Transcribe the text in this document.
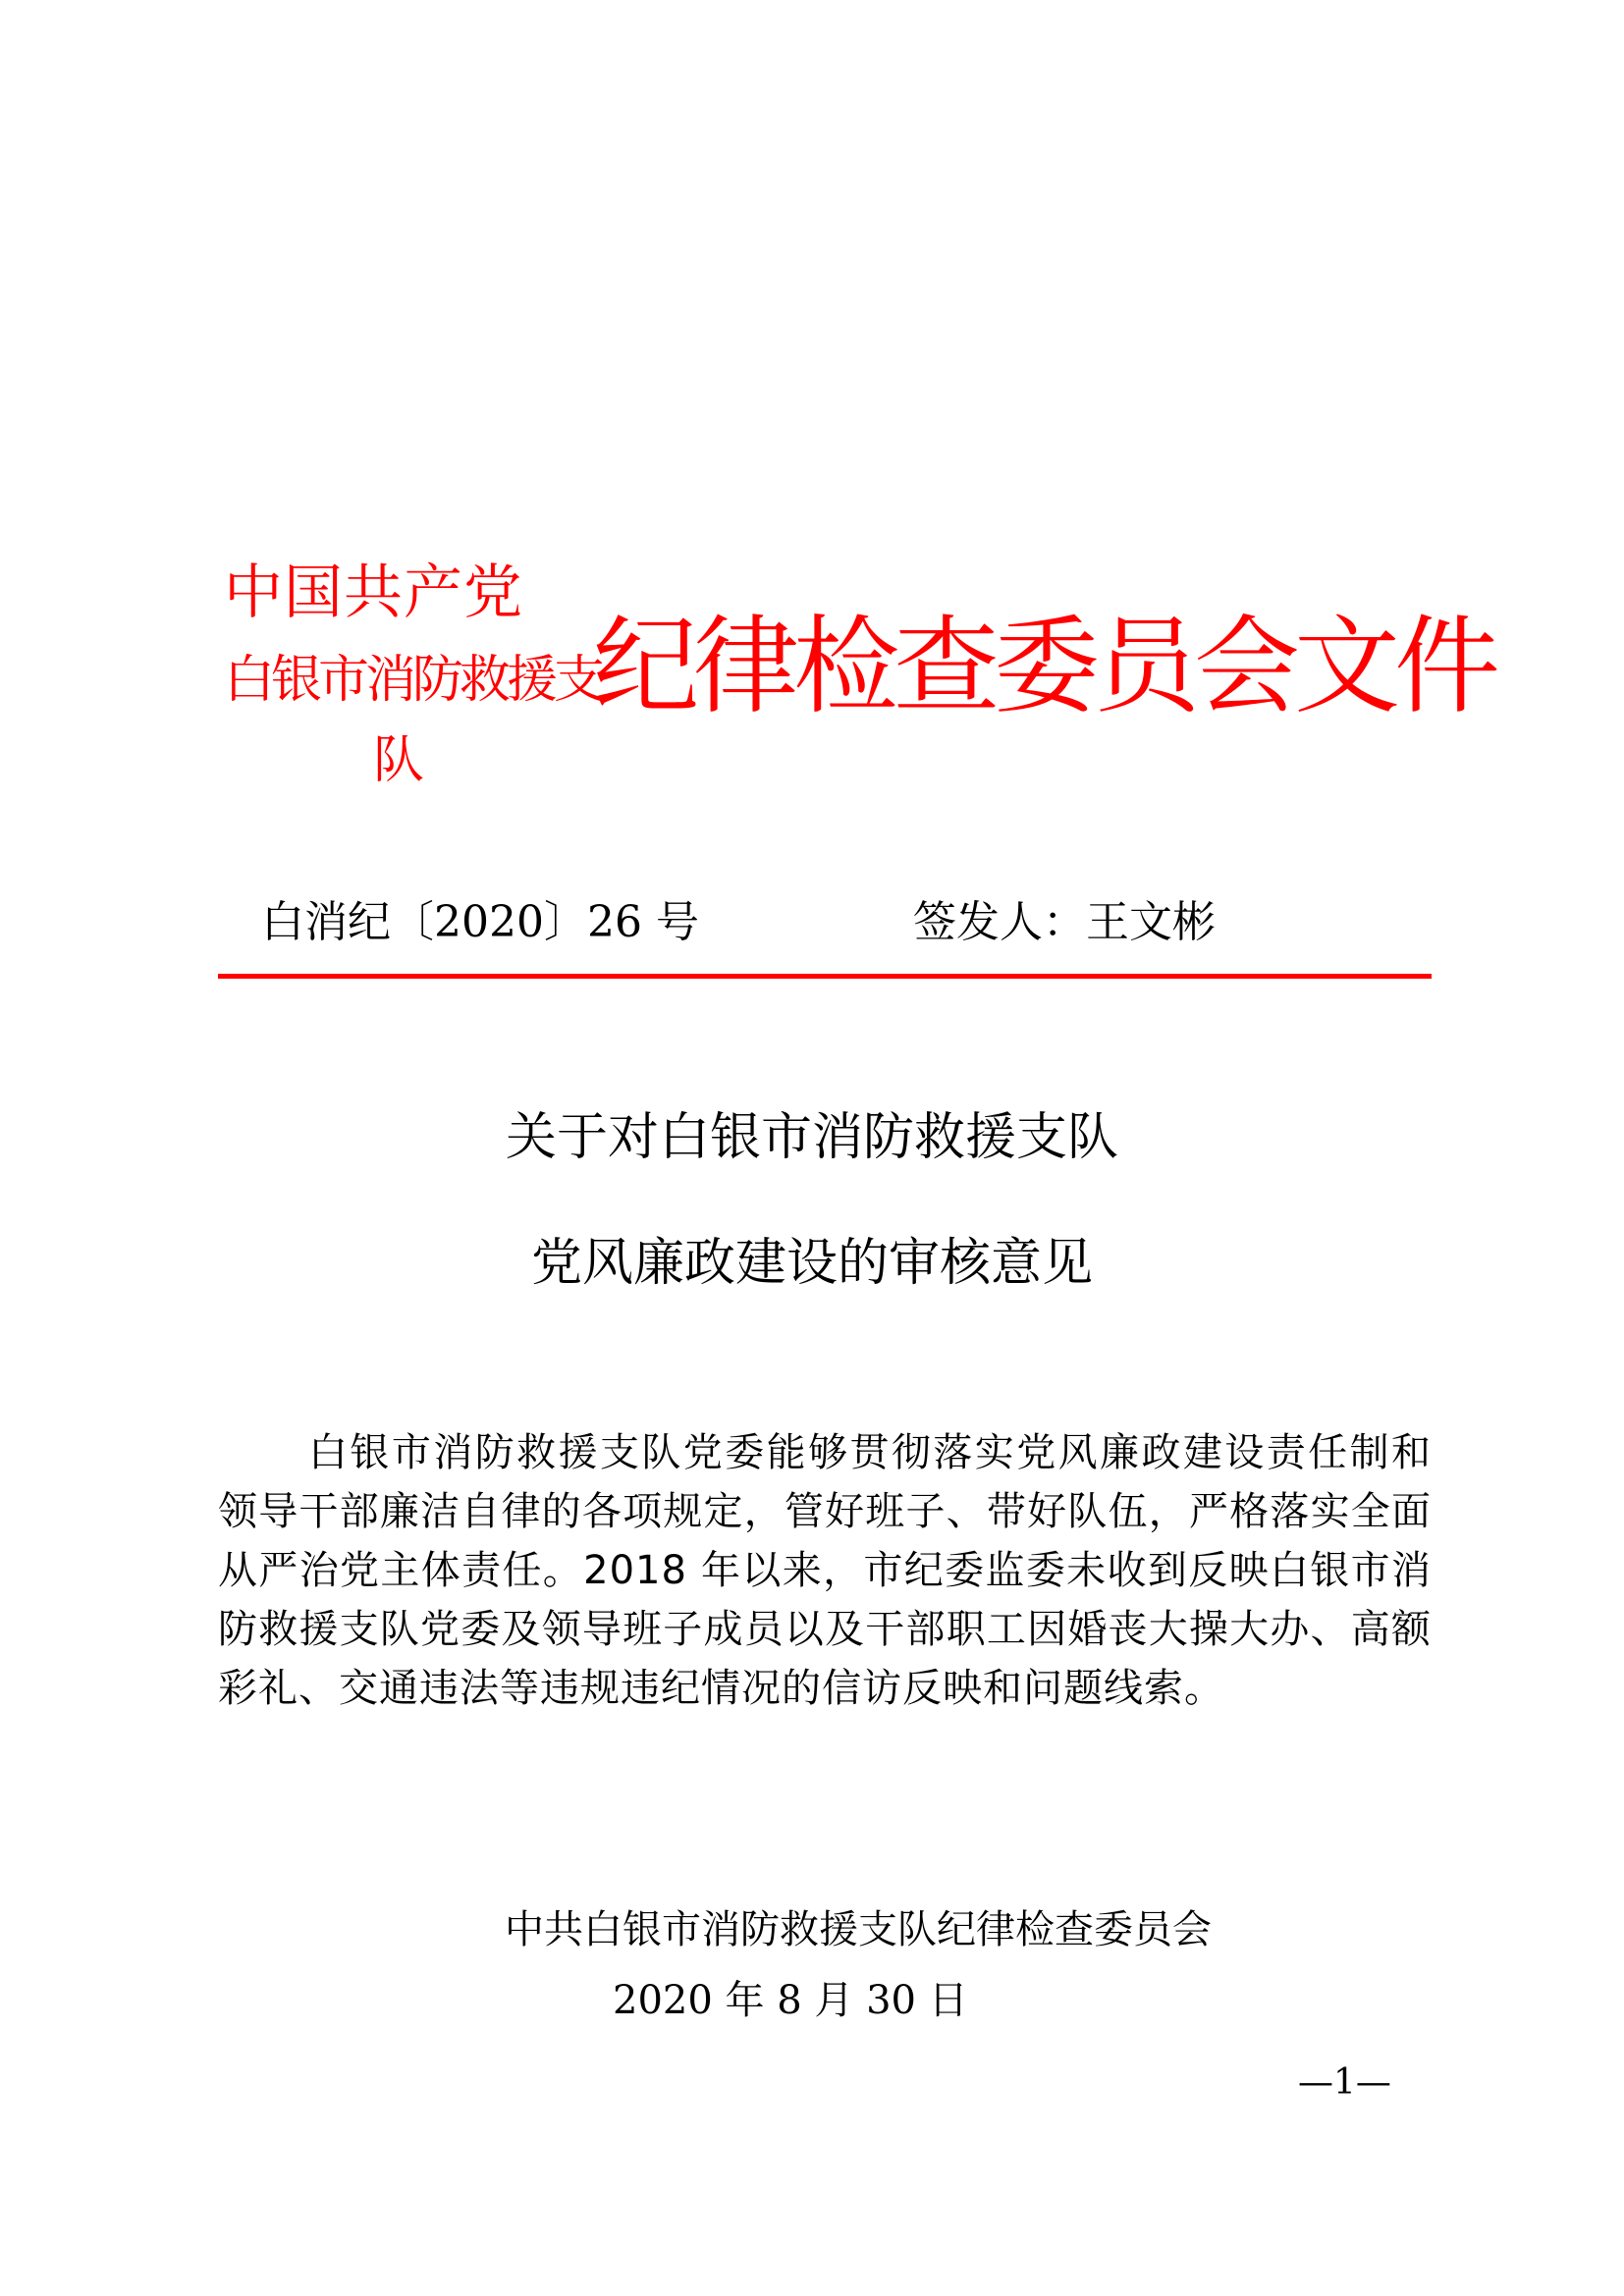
中国共产党
白银市消防救援支
队
纪律检查委员会文件
白消纪〔2020〕26 号	签发人：王文彬
关于对白银市消防救援支队
党风廉政建设的审核意见
白银市消防救援支队党委能够贯彻落实党风廉政建设责任制和领导干部廉洁自律的各项规定，管好班子、带好队伍，严格落实全面从严治党主体责任。2018 年以来，市纪委监委未收到反映白银市消防救援支队党委及领导班子成员以及干部职工因婚丧大操大办、高额彩礼、交通违法等违规违纪情况的信访反映和问题线索。
中共白银市消防救援支队纪律检查委员会
2020 年 8 月 30 日
—1—
